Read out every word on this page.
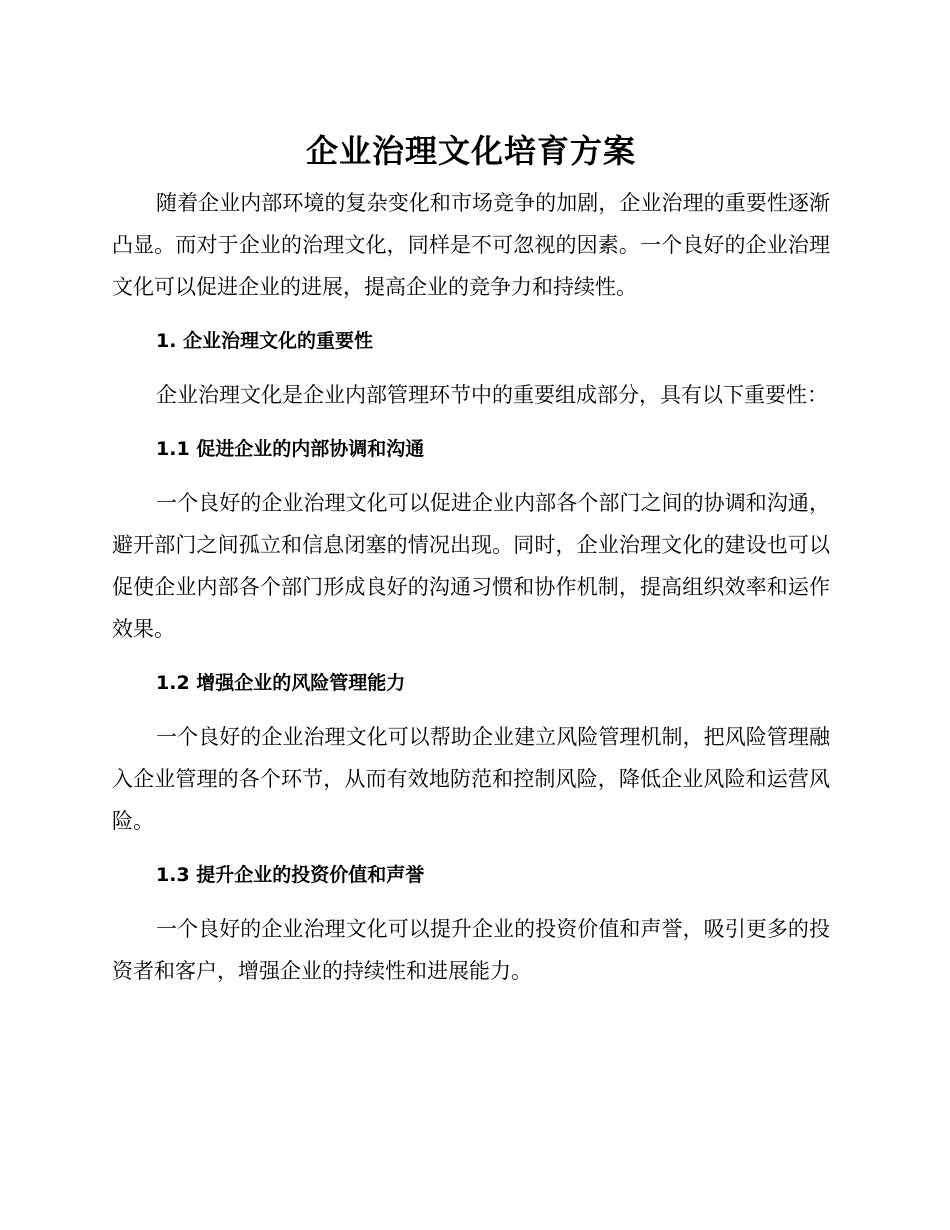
企业治理文化培育方案

随着企业内部环境的复杂变化和市场竞争的加剧，企业治理的重要性逐渐凸显。而对于企业的治理文化，同样是不可忽视的因素。一个良好的企业治理文化可以促进企业的进展，提高企业的竞争力和持续性。

1. 企业治理文化的重要性

企业治理文化是企业内部管理环节中的重要组成部分，具有以下重要性：

1.1 促进企业的内部协调和沟通

一个良好的企业治理文化可以促进企业内部各个部门之间的协调和沟通，避开部门之间孤立和信息闭塞的情况出现。同时，企业治理文化的建设也可以促使企业内部各个部门形成良好的沟通习惯和协作机制，提高组织效率和运作效果。

1.2 增强企业的风险管理能力

一个良好的企业治理文化可以帮助企业建立风险管理机制，把风险管理融入企业管理的各个环节，从而有效地防范和控制风险，降低企业风险和运营风险。

1.3 提升企业的投资价值和声誉

一个良好的企业治理文化可以提升企业的投资价值和声誉，吸引更多的投资者和客户，增强企业的持续性和进展能力。
